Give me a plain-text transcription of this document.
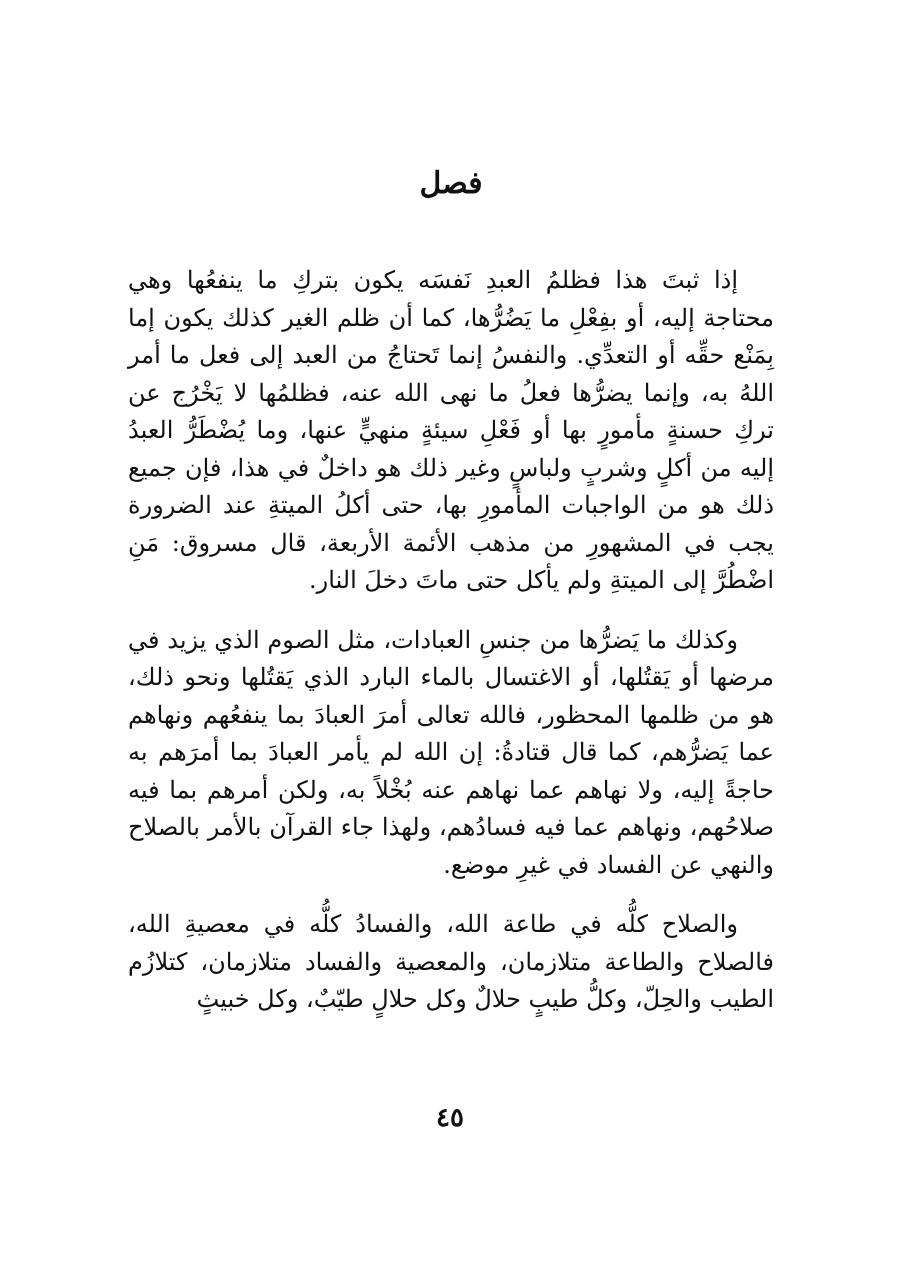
فصل

إذا ثبتَ هذا فظلمُ العبدِ نَفسَه يكون بتركِ ما ينفعُها وهي محتاجة إليه، أو بفِعْلِ ما يَضُرُّها، كما أن ظلم الغير كذلك يكون إما بِمَنْع حقِّه أو التعدِّي. والنفسُ إنما تَحتاجُ من العبد إلى فعل ما أمر اللهُ به، وإنما يضرُّها فعلُ ما نهى الله عنه، فظلمُها لا يَخْرُج عن تركِ حسنةٍ مأمورٍ بها أو فَعْلِ سيئةٍ منهيٍّ عنها، وما يُضْطَرُّ العبدُ إليه من أكلٍ وشربٍ ولباسٍ وغير ذلك هو داخلٌ في هذا، فإن جميع ذلك هو من الواجبات المأمورِ بها، حتى أكلُ الميتةِ عند الضرورة يجب في المشهورِ من مذهب الأئمة الأربعة، قال مسروق: مَنِ اضْطُرَّ إلى الميتةِ ولم يأكل حتى ماتَ دخلَ النار.

وكذلك ما يَضرُّها من جنسِ العبادات، مثل الصوم الذي يزيد في مرضها أو يَقتُلها، أو الاغتسال بالماء البارد الذي يَقتُلها ونحو ذلك، هو من ظلمها المحظور، فالله تعالى أمرَ العبادَ بما ينفعُهم ونهاهم عما يَضرُّهم، كما قال قتادةُ: إن الله لم يأمر العبادَ بما أمرَهم به حاجةً إليه، ولا نهاهم عما نهاهم عنه بُخْلاً به، ولكن أمرهم بما فيه صلاحُهم، ونهاهم عما فيه فسادُهم، ولهذا جاء القرآن بالأمر بالصلاح والنهي عن الفساد في غيرِ موضع.

والصلاح كلُّه في طاعة الله، والفسادُ كلُّه في معصيةِ الله، فالصلاح والطاعة متلازمان، والمعصية والفساد متلازمان، كتلازُم الطيب والحِلّ، وكلُّ طيبٍ حلالٌ وكل حلالٍ طيّبٌ، وكل خبيثٍ

٤٥
